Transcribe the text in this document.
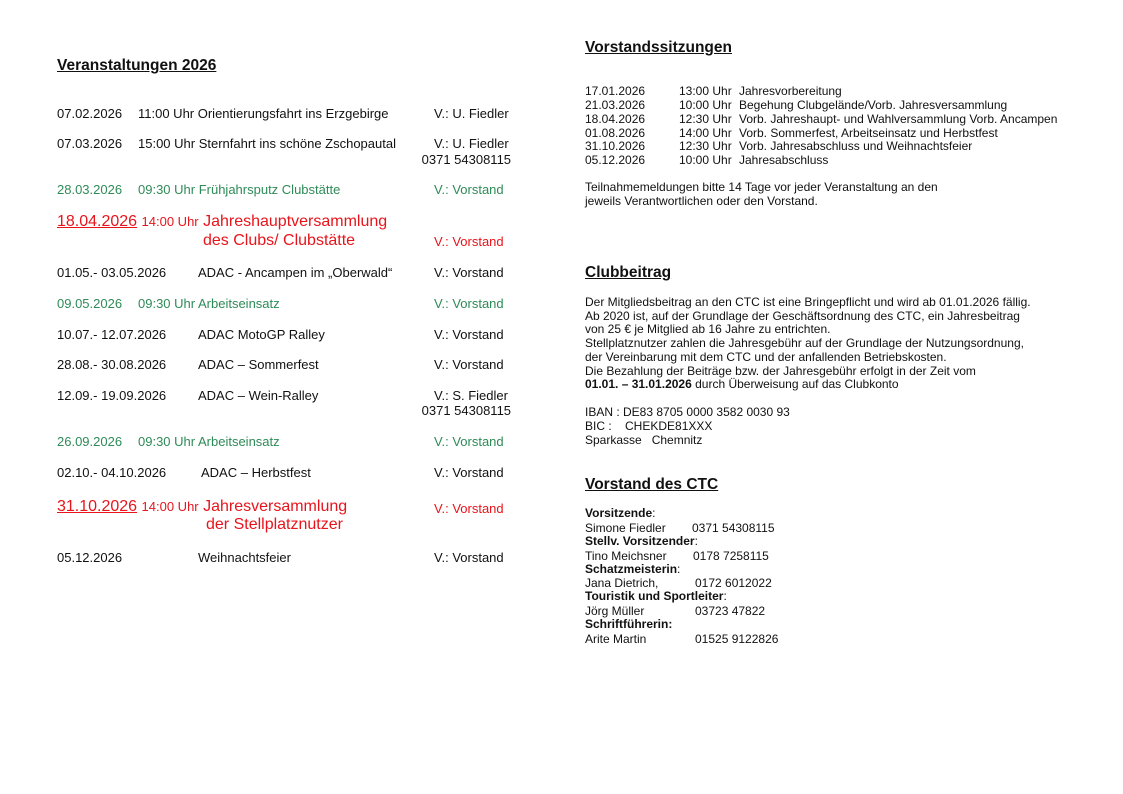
Veranstaltungen 2026
07.02.2026 11:00 Uhr Orientierungsfahrt ins Erzgebirge	V.: U. Fiedler
07.03.2026 15:00 Uhr Sternfahrt ins schöne Zschopautal	V.: U. Fiedler
0371 54308115
28.03.2026 09:30 Uhr Frühjahrsputz Clubstätte	V.: Vorstand
18.04.2026 14:00 Uhr Jahreshauptversammlung
des Clubs/ Clubstätte	V.: Vorstand
01.05.- 03.05.2026 ADAC - Ancampen im „Oberwald“	V.: Vorstand
09.05.2026 09:30 Uhr Arbeitseinsatz	V.: Vorstand
10.07.- 12.07.2026 ADAC MotoGP Ralley	V.: Vorstand
28.08.- 30.08.2026 ADAC – Sommerfest	V.: Vorstand
12.09.- 19.09.2026 ADAC – Wein-Ralley	V.: S. Fiedler
0371 54308115
26.09.2026 09:30 Uhr Arbeitseinsatz	V.: Vorstand
02.10.- 04.10.2026	ADAC – Herbstfest	V.: Vorstand
31.10.2026 14:00 Uhr Jahresversammlung
der Stellplatznutzer
V.: Vorstand
05.12.2026	Weihnachtsfeier	V.: Vorstand
Vorstandssitzungen
17.01.2026	13:00 Uhr Jahresvorbereitung
21.03.2026	10:00 Uhr Begehung Clubgelände/Vorb. Jahresversammlung
18.04.2026	12:30 Uhr Vorb. Jahreshaupt- und Wahlversammlung Vorb. Ancampen
01.08.2026	14:00 Uhr Vorb. Sommerfest, Arbeitseinsatz und Herbstfest
31.10.2026	12:30 Uhr Vorb. Jahresabschluss und Weihnachtsfeier
05.12.2026	10:00 Uhr Jahresabschluss
Teilnahmemeldungen bitte 14 Tage vor jeder Veranstaltung an den
jeweils Verantwortlichen oder den Vorstand.
Clubbeitrag
Der Mitgliedsbeitrag an den CTC ist eine Bringepflicht und wird ab 01.01.2026 fällig.
Ab 2020 ist, auf der Grundlage der Geschäftsordnung des CTC, ein Jahresbeitrag
von 25 € je Mitglied ab 16 Jahre zu entrichten.
Stellplatznutzer zahlen die Jahresgebühr auf der Grundlage der Nutzungsordnung,
der Vereinbarung mit dem CTC und der anfallenden Betriebskosten.
Die Bezahlung der Beiträge bzw. der Jahresgebühr erfolgt in der Zeit vom
01.01. – 31.01.2026 durch Überweisung auf das Clubkonto
IBAN : DE83 8705 0000 3582 0030 93
BIC :    CHEKDE81XXX
Sparkasse   Chemnitz
Vorstand des CTC
Vorsitzende:
Simone Fiedler 0371 54308115
Stellv. Vorsitzender:
Tino Meichsner 0178 7258115
Schatzmeisterin:
Jana Dietrich,	0172 6012022
Touristik und Sportleiter:
Jörg Müller	03723 47822
Schriftführerin:
Arite Martin	01525 9122826
